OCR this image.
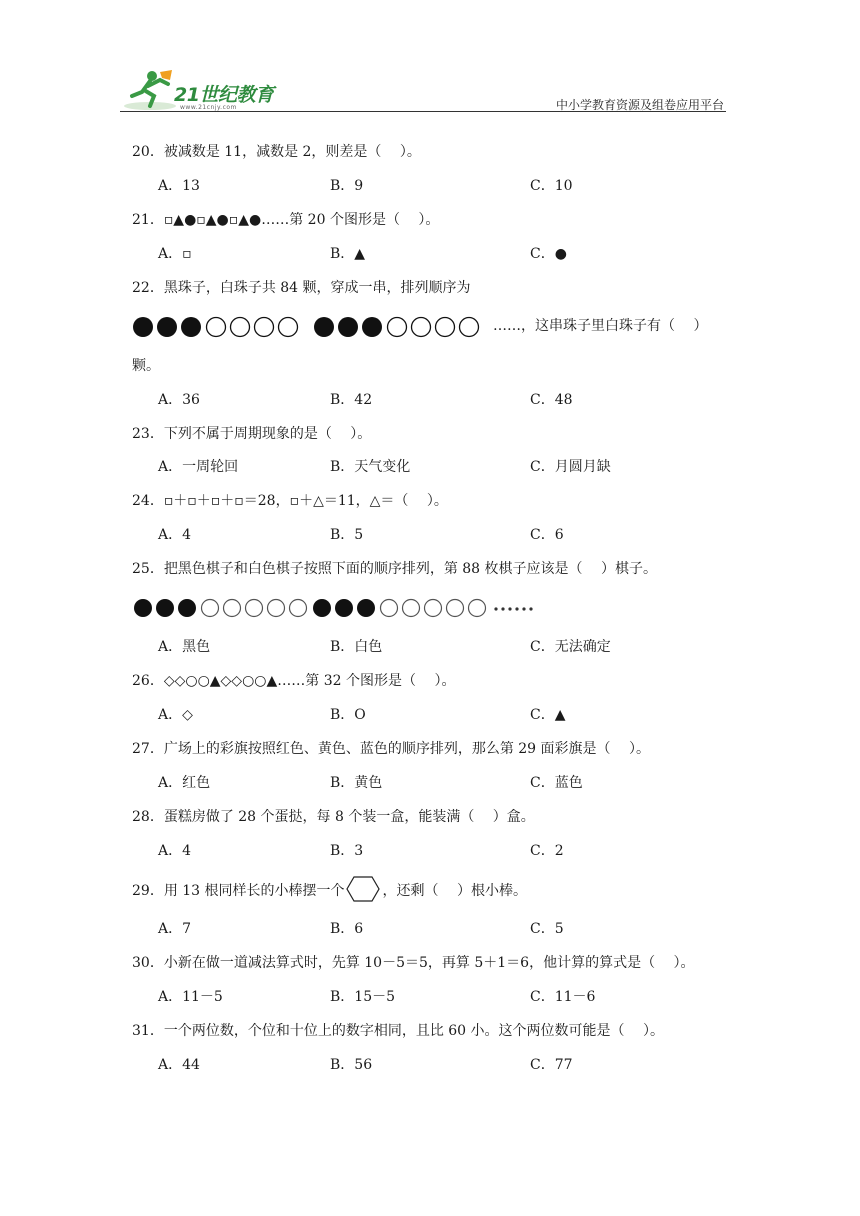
21世纪教育
www.21cnjy.com	中小学教育资源及组卷应用平台
20．被减数是 11，减数是 2，则差是（　 ）。
A．13	B．9	C．10
21．▫▲●▫▲●▫▲●……第 20 个图形是（　 ）。
A．▫	B．▲	C．●
22．黑珠子，白珠子共 84 颗，穿成一串，排列顺序为
……，这串珠子里白珠子有（　 ）
颗。
A．36	B．42	C．48
23．下列不属于周期现象的是（　 ）。
A．一周轮回	B．天气变化	C．月圆月缺
24．▫＋▫＋▫＋▫＝28，▫＋△＝11，△＝（　 ）。
A．4	B．5	C．6
25．把黑色棋子和白色棋子按照下面的顺序排列，第 88 枚棋子应该是（　 ）棋子。
A．黑色	B．白色	C．无法确定
26．◇◇○○▲◇◇○○▲……第 32 个图形是（　 ）。
A．◇	B．O	C．▲
27．广场上的彩旗按照红色、黄色、蓝色的顺序排列，那么第 29 面彩旗是（　 ）。
A．红色	B．黄色	C．蓝色
28．蛋糕房做了 28 个蛋挞，每 8 个装一盒，能装满（　 ）盒。
A．4	B．3	C．2
29．用 13 根同样长的小棒摆一个	，还剩（　 ）根小棒。
A．7	B．6	C．5
30．小新在做一道减法算式时，先算 10－5＝5，再算 5＋1＝6，他计算的算式是（　 ）。
A．11－5	B．15－5	C．11－6
31．一个两位数，个位和十位上的数字相同，且比 60 小。这个两位数可能是（　 ）。
A．44	B．56	C．77
